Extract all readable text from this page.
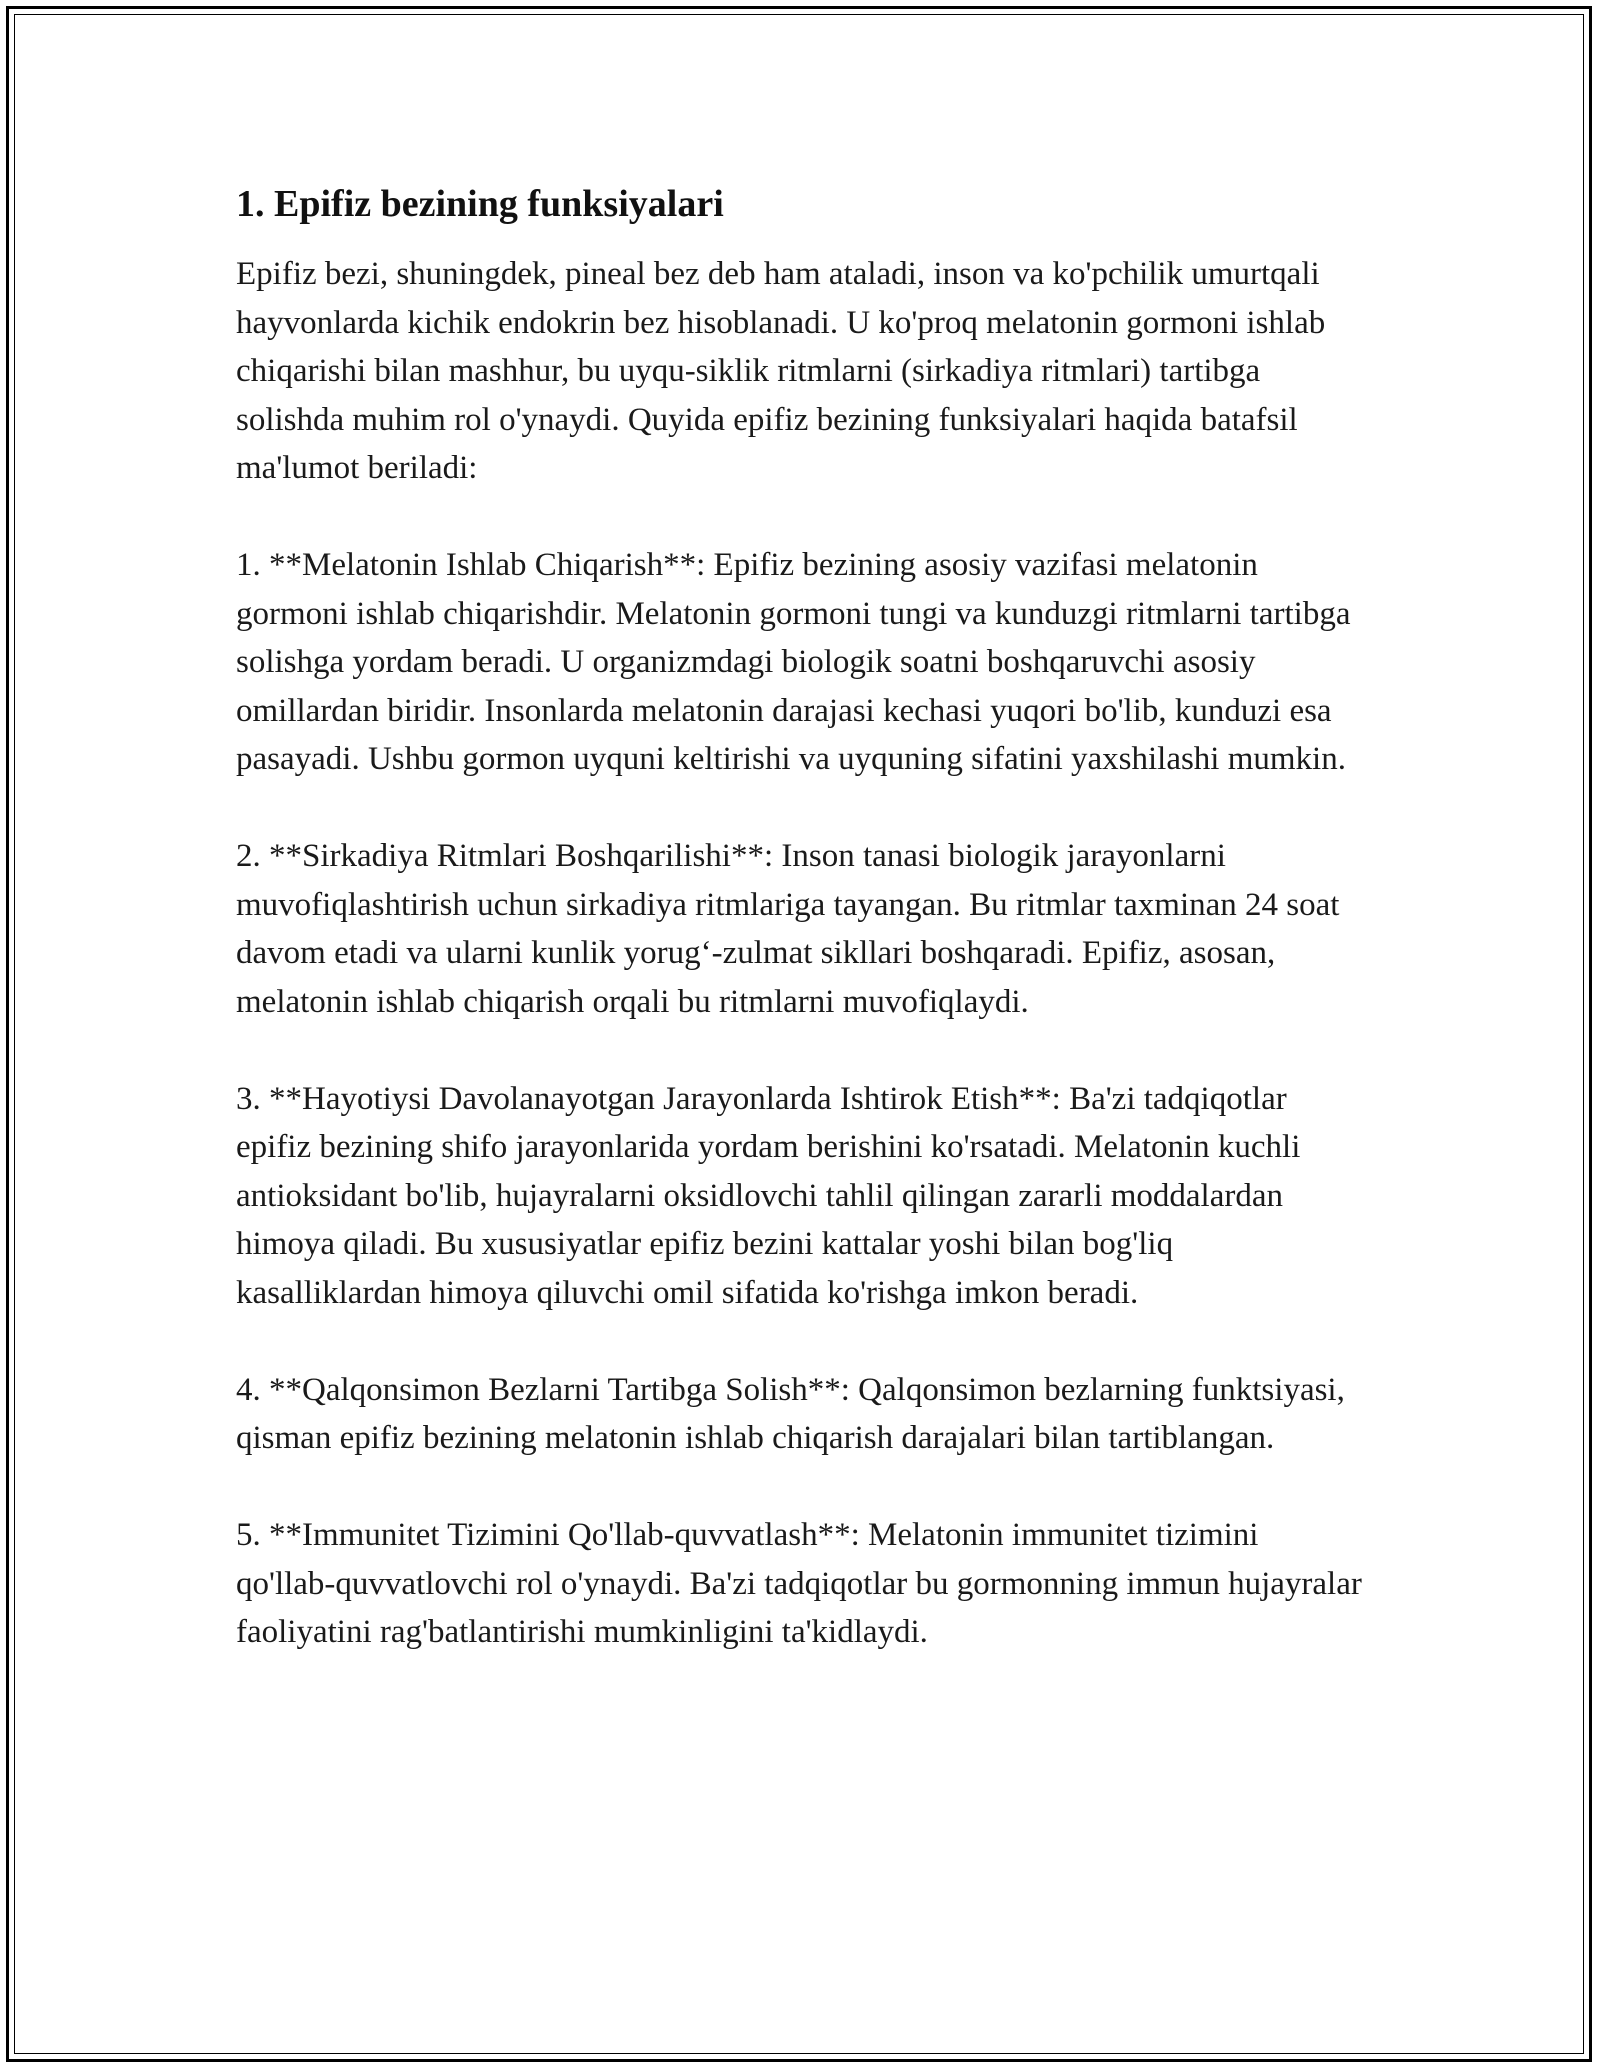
1. Epifiz bezining funksiyalari

Epifiz bezi, shuningdek, pineal bez deb ham ataladi, inson va ko'pchilik umurtqali hayvonlarda kichik endokrin bez hisoblanadi. U ko'proq melatonin gormoni ishlab chiqarishi bilan mashhur, bu uyqu-siklik ritmlarni (sirkadiya ritmlari) tartibga solishda muhim rol o'ynaydi. Quyida epifiz bezining funksiyalari haqida batafsil ma'lumot beriladi:

1. **Melatonin Ishlab Chiqarish**: Epifiz bezining asosiy vazifasi melatonin gormoni ishlab chiqarishdir. Melatonin gormoni tungi va kunduzgi ritmlarni tartibga solishga yordam beradi. U organizmdagi biologik soatni boshqaruvchi asosiy omillardan biridir. Insonlarda melatonin darajasi kechasi yuqori bo'lib, kunduzi esa pasayadi. Ushbu gormon uyquni keltirishi va uyquning sifatini yaxshilashi mumkin.

2. **Sirkadiya Ritmlari Boshqarilishi**: Inson tanasi biologik jarayonlarni muvofiqlashtirish uchun sirkadiya ritmlariga tayangan. Bu ritmlar taxminan 24 soat davom etadi va ularni kunlik yorug‘-zulmat sikllari boshqaradi. Epifiz, asosan, melatonin ishlab chiqarish orqali bu ritmlarni muvofiqlaydi.

3. **Hayotiysi Davolanayotgan Jarayonlarda Ishtirok Etish**: Ba'zi tadqiqotlar epifiz bezining shifo jarayonlarida yordam berishini ko'rsatadi. Melatonin kuchli antioksidant bo'lib, hujayralarni oksidlovchi tahlil qilingan zararli moddalardan himoya qiladi. Bu xususiyatlar epifiz bezini kattalar yoshi bilan bog'liq kasalliklardan himoya qiluvchi omil sifatida ko'rishga imkon beradi.

4. **Qalqonsimon Bezlarni Tartibga Solish**: Qalqonsimon bezlarning funktsiyasi, qisman epifiz bezining melatonin ishlab chiqarish darajalari bilan tartiblangan.

5. **Immunitet Tizimini Qo'llab-quvvatlash**: Melatonin immunitet tizimini qo'llab-quvvatlovchi rol o'ynaydi. Ba'zi tadqiqotlar bu gormonning immun hujayralar faoliyatini rag'batlantirishi mumkinligini ta'kidlaydi.
